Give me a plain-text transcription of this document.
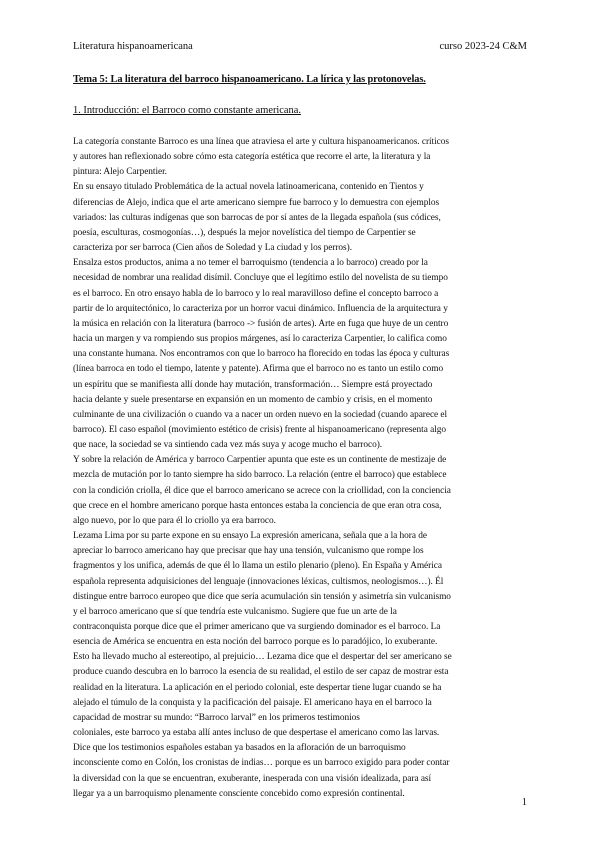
Literatura hispanoamericana	curso 2023-24 C&M
Tema 5: La literatura del barroco hispanoamericano. La lírica y las protonovelas.
1. Introducción: el Barroco como constante americana.
La categoría constante Barroco es una línea que atraviesa el arte y cultura hispanoamericanos. críticos
y autores han reflexionado sobre cómo esta categoría estética que recorre el arte, la literatura y la
pintura: Alejo Carpentier.
En su ensayo titulado Problemática de la actual novela latinoamericana, contenido en Tientos y
diferencias de Alejo, indica que el arte americano siempre fue barroco y lo demuestra con ejemplos
variados: las culturas indígenas que son barrocas de por sí antes de la llegada española (sus códices,
poesía, esculturas, cosmogonías…), después la mejor novelística del tiempo de Carpentier se
caracteriza por ser barroca (Cien años de Soledad y La ciudad y los perros).
Ensalza estos productos, anima a no temer el barroquismo (tendencia a lo barroco) creado por la
necesidad de nombrar una realidad disímil. Concluye que el legítimo estilo del novelista de su tiempo
es el barroco. En otro ensayo habla de lo barroco y lo real maravilloso define el concepto barroco a
partir de lo arquitectónico, lo caracteriza por un horror vacui dinámico. Influencia de la arquitectura y
la música en relación con la literatura (barroco -> fusión de artes). Arte en fuga que huye de un centro
hacia un margen y va rompiendo sus propios márgenes, así lo caracteriza Carpentier, lo califica como
una constante humana. Nos encontramos con que lo barroco ha florecido en todas las época y culturas
(línea barroca en todo el tiempo, latente y patente). Afirma que el barroco no es tanto un estilo como
un espíritu que se manifiesta allí donde hay mutación, transformación… Siempre está proyectado
hacia delante y suele presentarse en expansión en un momento de cambio y crisis, en el momento
culminante de una civilización o cuando va a nacer un orden nuevo en la sociedad (cuando aparece el
barroco). El caso español (movimiento estético de crisis) frente al hispanoamericano (representa algo
que nace, la sociedad se va sintiendo cada vez más suya y acoge mucho el barroco).
Y sobre la relación de América y barroco Carpentier apunta que este es un continente de mestizaje de
mezcla de mutación por lo tanto siempre ha sido barroco. La relación (entre el barroco) que establece
con la condición criolla, él dice que el barroco americano se acrece con la criollidad, con la conciencia
que crece en el hombre americano porque hasta entonces estaba la conciencia de que eran otra cosa,
algo nuevo, por lo que para él lo criollo ya era barroco.
Lezama Lima por su parte expone en su ensayo La expresión americana, señala que a la hora de
apreciar lo barroco americano hay que precisar que hay una tensión, vulcanismo que rompe los
fragmentos y los unifica, además de que él lo llama un estilo plenario (pleno). En España y América
española representa adquisiciones del lenguaje (innovaciones léxicas, cultismos, neologismos…). Él
distingue entre barroco europeo que dice que sería acumulación sin tensión y asimetría sin vulcanismo
y el barroco americano que sí que tendría este vulcanismo. Sugiere que fue un arte de la
contraconquista porque dice que el primer americano que va surgiendo dominador es el barroco. La
esencia de América se encuentra en esta noción del barroco porque es lo paradójico, lo exuberante.
Esto ha llevado mucho al estereotipo, al prejuicio… Lezama dice que el despertar del ser americano se
produce cuando descubra en lo barroco la esencia de su realidad, el estilo de ser capaz de mostrar esta
realidad en la literatura. La aplicación en el periodo colonial, este despertar tiene lugar cuando se ha
alejado el túmulo de la conquista y la pacificación del paisaje. El americano haya en el barroco la
capacidad de mostrar su mundo: “Barroco larval” en los primeros testimonios
coloniales, este barroco ya estaba allí antes incluso de que despertase el americano como las larvas.
Dice que los testimonios españoles estaban ya basados en la afloración de un barroquismo
inconsciente como en Colón, los cronistas de indias… porque es un barroco exigido para poder contar
la diversidad con la que se encuentran, exuberante, inesperada con una visión idealizada, para así
llegar ya a un barroquismo plenamente consciente concebido como expresión continental.
1
